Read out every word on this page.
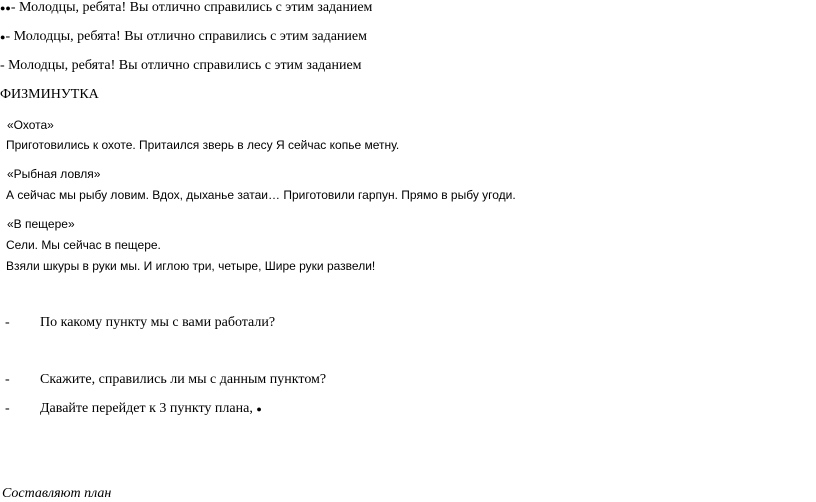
●●- Молодцы, ребята! Вы отлично справились с этим заданием
●- Молодцы, ребята! Вы отлично справились с этим заданием
- Молодцы, ребята! Вы отлично справились с этим заданием
ФИЗМИНУТКА
«Охота»
Приготовились к охоте. Притаился зверь в лесу Я сейчас копье метну.
«Рыбная ловля»
А сейчас мы рыбу ловим. Вдох, дыханье затаи… Приготовили гарпун. Прямо в рыбу угоди.
«В пещере»
Сели. Мы сейчас в пещере.
Взяли шкуры в руки мы. И иглою три, четыре, Шире руки развели!
- По какому пункту мы с вами работали?
- Скажите, справились ли мы с данным пунктом?
- Давайте перейдет к 3 пункту плана, ●
Составляют план
